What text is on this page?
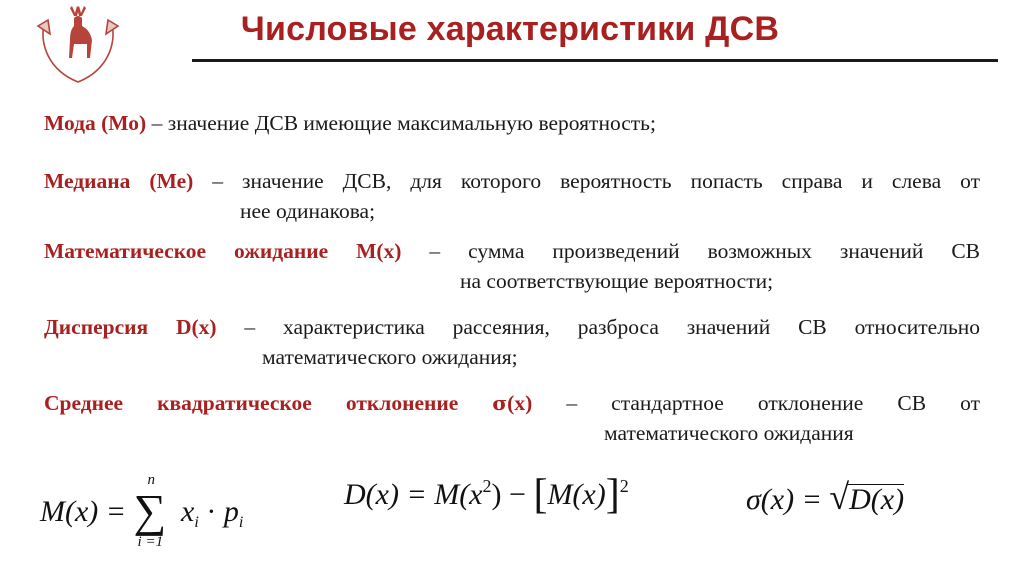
Числовые характеристики ДСВ
Мода (Мо) – значение ДСВ имеющие максимальную вероятность;
Медиана (Ме) – значение ДСВ, для которого вероятность попасть справа и слева от
нее одинакова;
Математическое ожидание М(х) – сумма произведений возможных значений СВ
на соответствующие вероятности;
Дисперсия D(x) – характеристика рассеяния, разброса значений СВ относительно
математического ожидания;
Среднее квадратическое отклонение σ(х) – стандартное отклонение СВ от
математического ожидания
M(x) =
n
∑
i =1
$x_i \cdot p_i$
$D(x) = M(x^2) - [M(x)]^2$	σ(x) = √D(x)
